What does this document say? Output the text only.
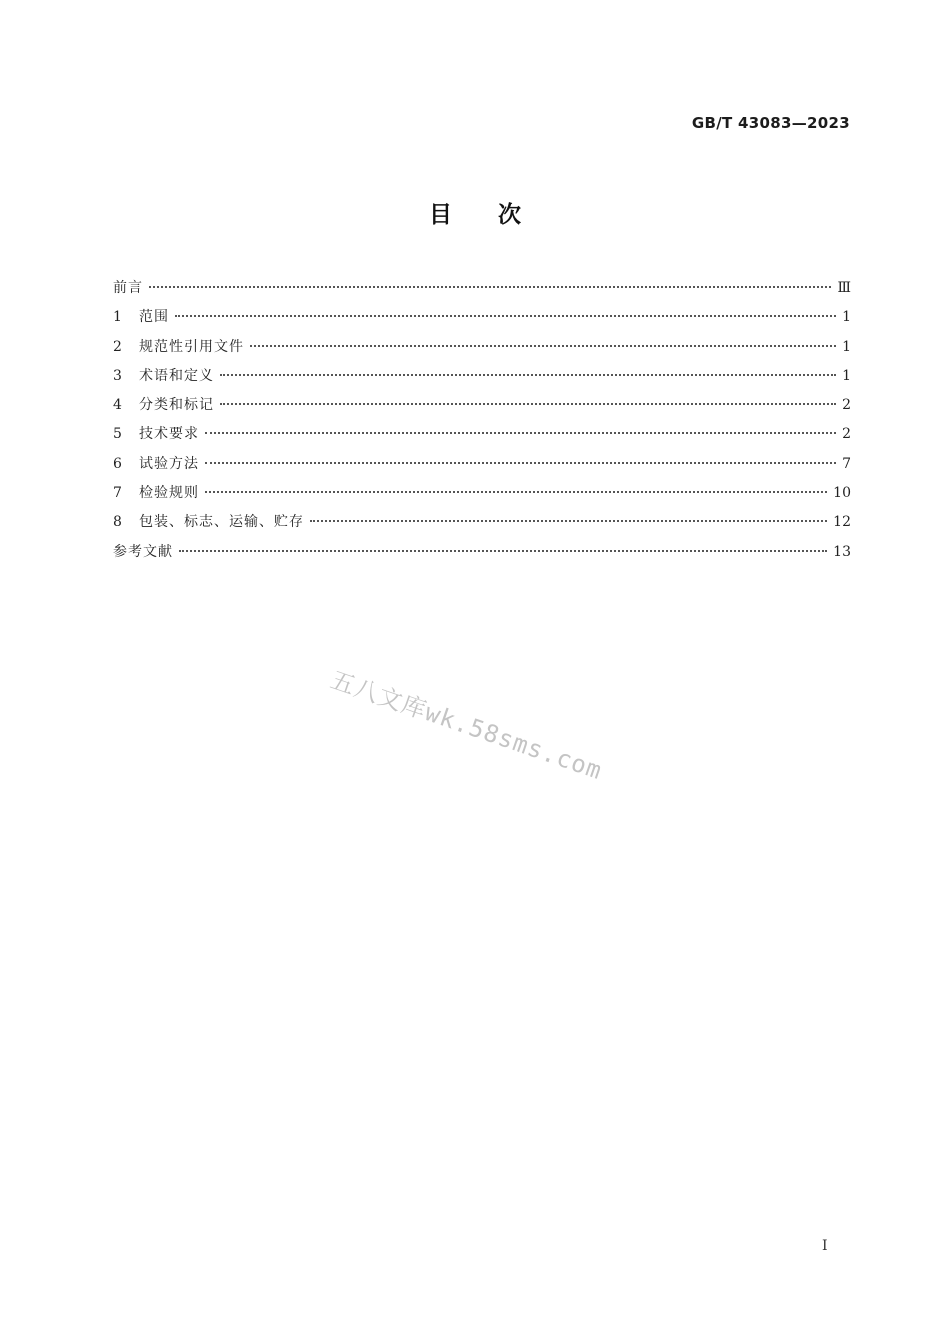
GB/T 43083—2023
目次
前言	Ⅲ
1	范围	1
2	规范性引用文件	1
3	术语和定义	1
4	分类和标记	2
5	技术要求	2
6	试验方法	7
7	检验规则	10
8	包装、标志、运输、贮存	12
参考文献	13
五八文库wk.58sms.com
I
